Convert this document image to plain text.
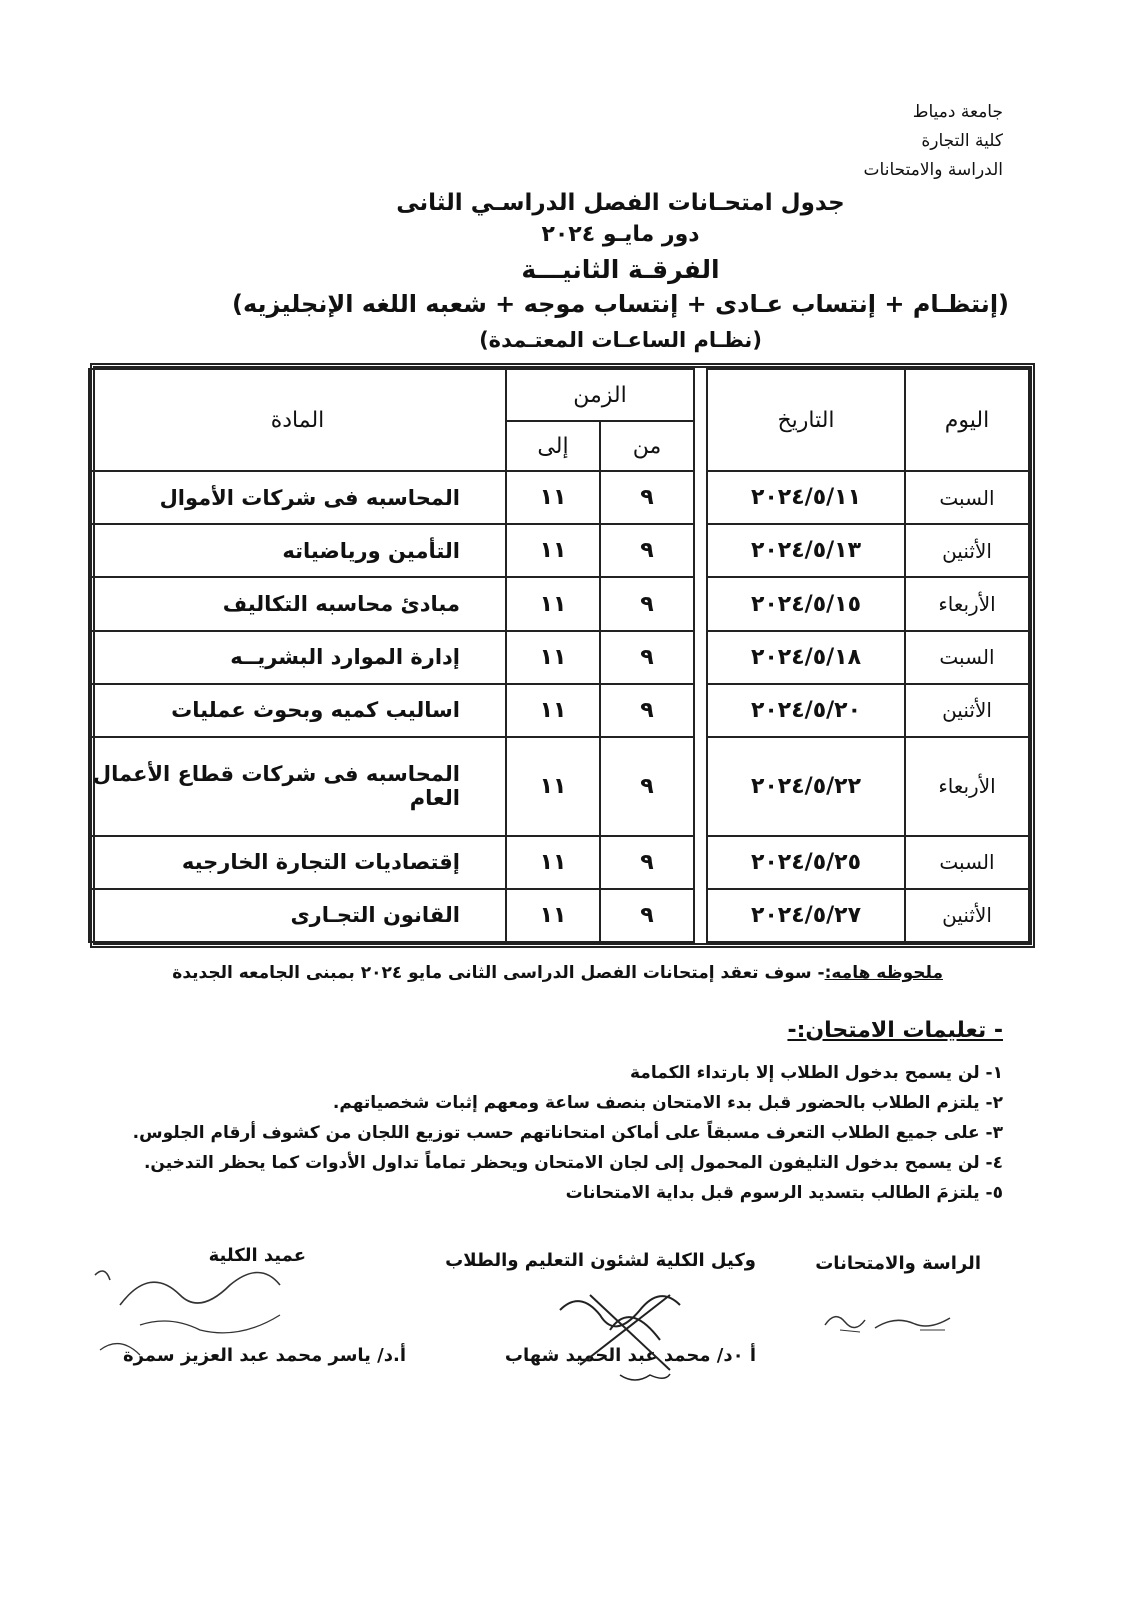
جامعة دمياط
كلية التجارة
الدراسة والامتحانات
جدول امتحـانات الفصل الدراسـي الثانى
دور مايـو ٢٠٢٤
الفرقـة الثانيـــة
(إنتظـام + إنتساب عـادى + إنتساب موجه + شعبه اللغه الإنجليزيه)
(نظـام الساعـات المعتـمدة)
اليوم	التاريخ		الزمن		المادة
			من	إلى	
السبت	٢٠٢٤/٥/١١		٩	١١	المحاسبه فى شركات الأموال
الأثنين	٢٠٢٤/٥/١٣		٩	١١	التأمين ورياضياته
الأربعاء	٢٠٢٤/٥/١٥		٩	١١	مبادئ محاسبه التكاليف
السبت	٢٠٢٤/٥/١٨		٩	١١	إدارة الموارد البشريــه
الأثنين	٢٠٢٤/٥/٢٠		٩	١١	اساليب كميه وبحوث عمليات
الأربعاء	٢٠٢٤/٥/٢٢		٩	١١	المحاسبه فى شركات قطاع الأعمال العام
السبت	٢٠٢٤/٥/٢٥		٩	١١	إقتصاديات التجارة الخارجيه
الأثنين	٢٠٢٤/٥/٢٧		٩	١١	القانون التجـارى
ملحوظه هامه:- سوف تعقد إمتحانات الفصل الدراسى الثانى مايو ٢٠٢٤ بمبنى الجامعه الجديدة
- تعليمات الامتحان:-
١- لن يسمح بدخول الطلاب إلا بارتداء الكمامة
٢- يلتزم الطلاب بالحضور قبل بدء الامتحان بنصف ساعة ومعهم إثبات شخصياتهم.
٣- على جميع الطلاب التعرف مسبقاً على أماكن امتحاناتهم حسب توزيع اللجان من كشوف أرقام الجلوس.
٤- لن يسمح بدخول التليفون المحمول إلى لجان الامتحان ويحظر تماماً تداول الأدوات كما يحظر التدخين.
٥- يلتزمَ الطالب بتسديد الرسوم قبل بداية الامتحانات
الراسة والامتحانات
وكيل الكلية لشئون التعليم والطلاب
عميد الكلية
أ ٠د/ محمد عبد الحميد شهاب
أ.د/ ياسر محمد عبد العزيز سمرة
